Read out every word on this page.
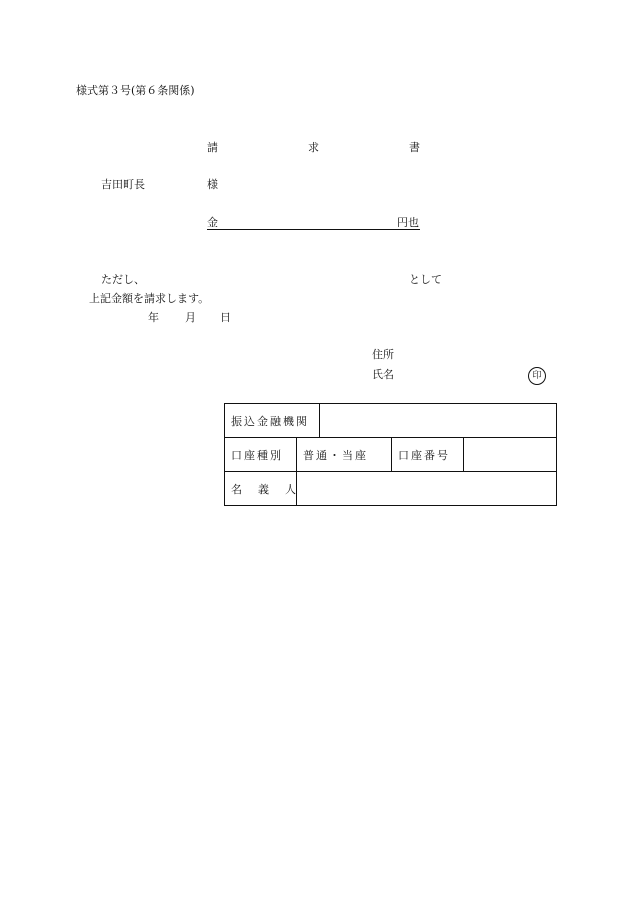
様式第３号(第６条関係)
請	求	書
吉田町長	様
金	円也
ただし、	として
上記金額を請求します。
年 月 日
住所
氏名	印
振込金融機関				
口座種別	普通・当座		口座番号	
名義人				
